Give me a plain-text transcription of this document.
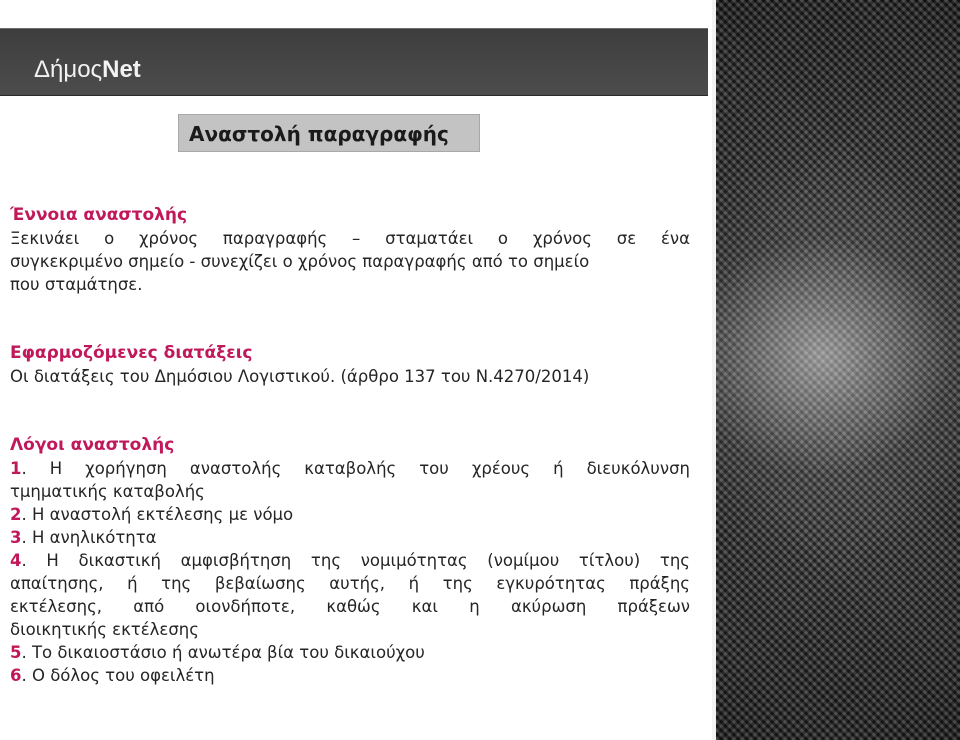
ΔήμοςNet
Αναστολή παραγραφής
Έννοια αναστολής
Ξεκινάει ο χρόνος παραγραφής – σταματάει ο χρόνος σε ένα
συγκεκριμένο σημείο - συνεχίζει ο χρόνος παραγραφής από το σημείο
που σταμάτησε.
Εφαρμοζόμενες διατάξεις
Οι διατάξεις του Δημόσιου Λογιστικού. (άρθρο 137 του Ν.4270/2014)
Λόγοι αναστολής
1. Η χορήγηση αναστολής καταβολής του χρέους ή διευκόλυνση
τμηματικής καταβολής
2. Η αναστολή εκτέλεσης με νόμο
3. Η ανηλικότητα
4. Η δικαστική αμφισβήτηση της νομιμότητας (νομίμου τίτλου) της
απαίτησης, ή της βεβαίωσης αυτής, ή της εγκυρότητας πράξης
εκτέλεσης, από οιονδήποτε, καθώς και η ακύρωση πράξεων
διοικητικής εκτέλεσης
5. Το δικαιοστάσιο ή ανωτέρα βία του δικαιούχου
6. Ο δόλος του οφειλέτη
